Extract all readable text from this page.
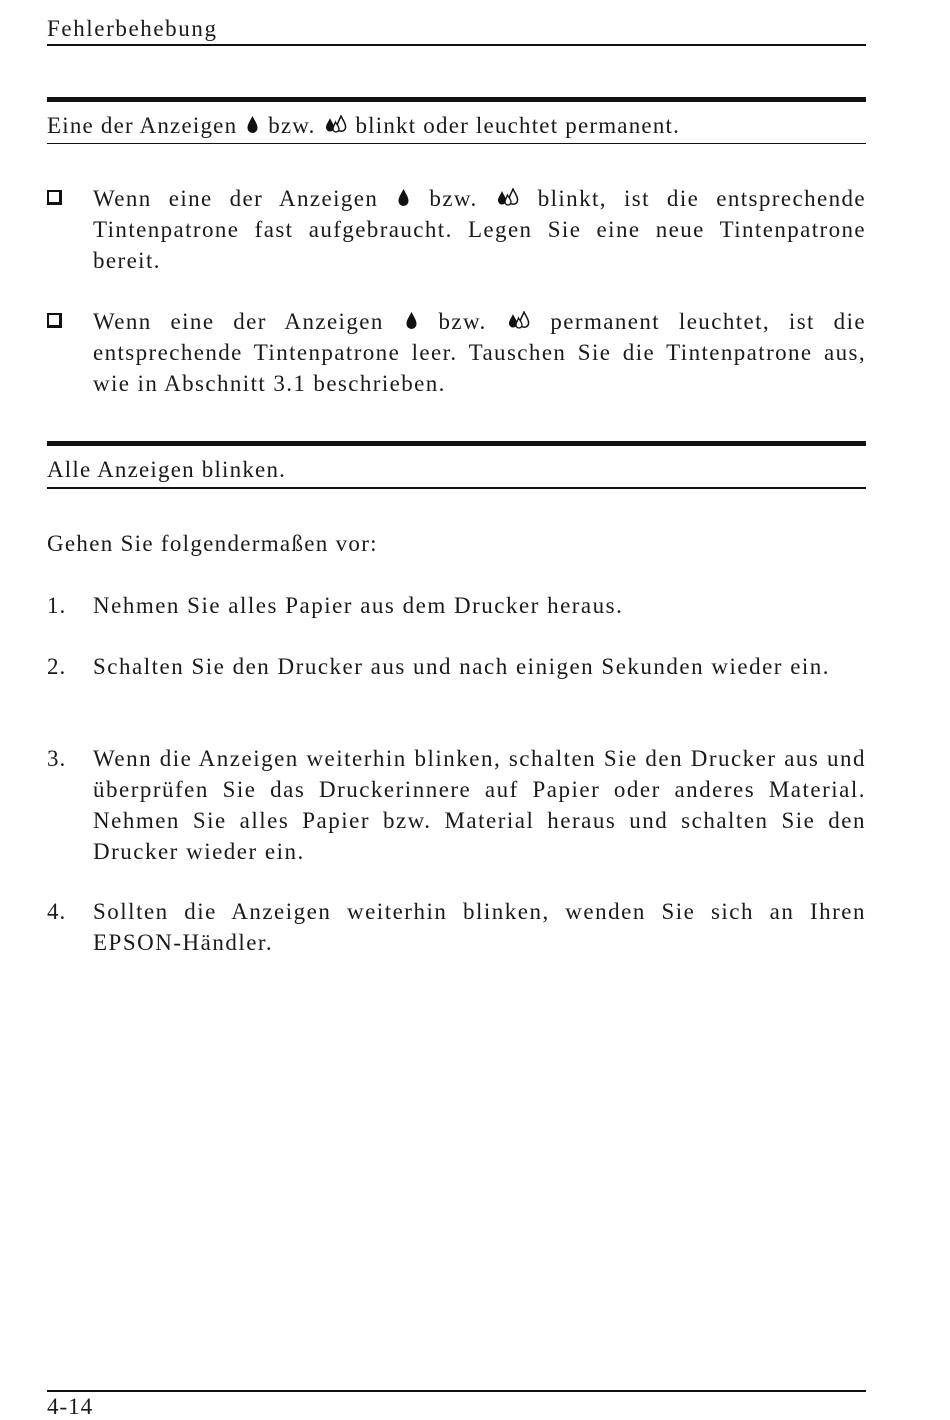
Fehlerbehebung
Eine der Anzeigen bzw. blinkt oder leuchtet permanent.
Wenn eine der Anzeigen bzw.	blinkt, ist die entsprechende Tintenpatrone fast aufgebraucht. Legen Sie eine neue Tintenpatrone bereit.
Wenn eine der Anzeigen bzw.	permanent leuchtet, ist die entsprechende Tintenpatrone leer. Tauschen Sie die Tintenpatrone aus, wie in Abschnitt 3.1 beschrieben.
Alle Anzeigen blinken.
Gehen Sie folgendermaßen vor:
1. Nehmen Sie alles Papier aus dem Drucker heraus.
2. Schalten Sie den Drucker aus und nach einigen Sekunden wieder ein.
3. Wenn die Anzeigen weiterhin blinken, schalten Sie den Drucker aus und überprüfen Sie das Druckerinnere auf Papier oder anderes Material. Nehmen Sie alles Papier bzw. Material heraus und schalten Sie den Drucker wieder ein.
4. Sollten die Anzeigen weiterhin blinken, wenden Sie sich an Ihren EPSON-Händler.
4-14
